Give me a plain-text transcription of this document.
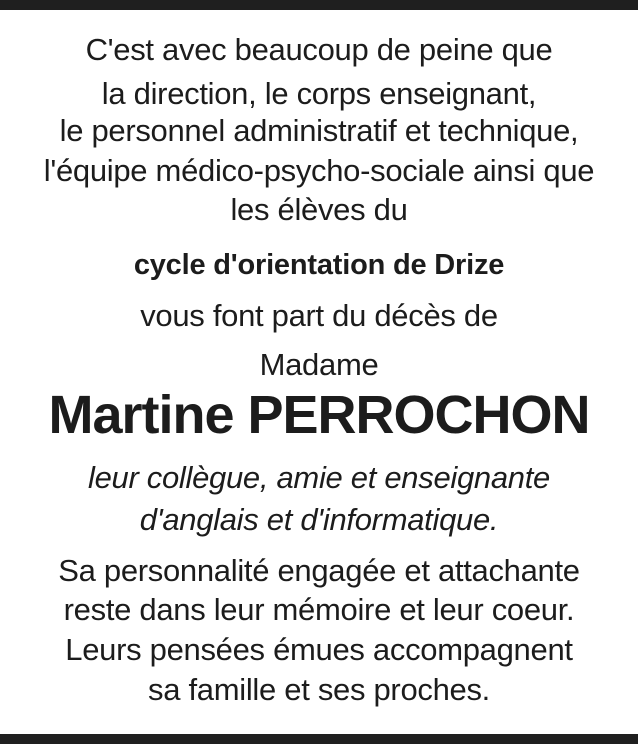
C'est avec beaucoup de peine que
la direction, le corps enseignant,
le personnel administratif et technique,
l'équipe médico-psycho-sociale ainsi que
les élèves du
cycle d'orientation de Drize
vous font part du décès de
Madame
Martine PERROCHON
leur collègue, amie et enseignante
d'anglais et d'informatique.
Sa personnalité engagée et attachante
reste dans leur mémoire et leur coeur.
Leurs pensées émues accompagnent
sa famille et ses proches.
